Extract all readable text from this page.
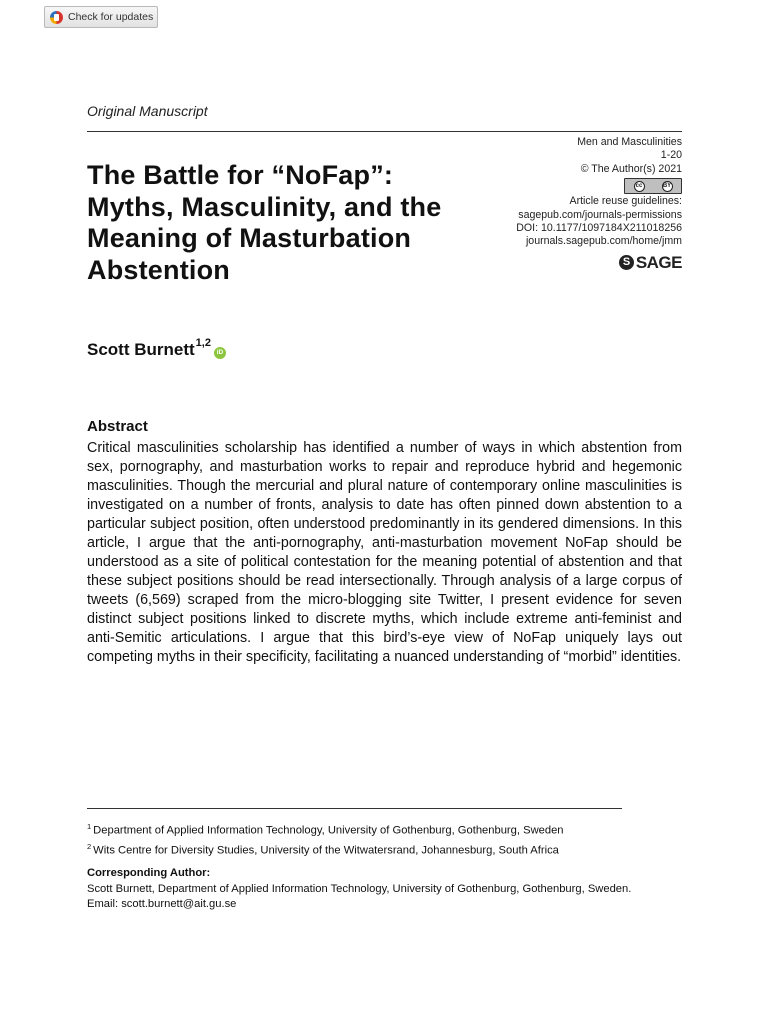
Check for updates
Original Manuscript
The Battle for “NoFap”: Myths, Masculinity, and the Meaning of Masturbation Abstention
Men and Masculinities
1-20
© The Author(s) 2021
cc	BY
Article reuse guidelines:
sagepub.com/journals-permissions
DOI: 10.1177/1097184X211018256
journals.sagepub.com/home/jmm
S SAGE
Scott Burnett$^{1,2}$
iD
Abstract

Critical masculinities scholarship has identified a number of ways in which abstention from sex, pornography, and masturbation works to repair and reproduce hybrid and hegemonic masculinities. Though the mercurial and plural nature of contemporary online masculinities is investigated on a number of fronts, analysis to date has often pinned down abstention to a particular subject position, often understood predominantly in its gendered dimensions. In this article, I argue that the anti-pornography, anti-masturbation movement NoFap should be understood as a site of political contestation for the meaning potential of abstention and that these subject positions should be read intersectionally. Through analysis of a large corpus of tweets (6,569) scraped from the micro-blogging site Twitter, I present evidence for seven distinct subject positions linked to discrete myths, which include extreme anti-feminist and anti-Semitic articulations. I argue that this bird’s-eye view of NoFap uniquely lays out competing myths in their specificity, facilitating a nuanced understanding of “morbid” identities.

$^1$ Department of Applied Information Technology, University of Gothenburg, Gothenburg, Sweden
$^2$ Wits Centre for Diversity Studies, University of the Witwatersrand, Johannesburg, South Africa
Corresponding Author:
Scott Burnett, Department of Applied Information Technology, University of Gothenburg, Gothenburg, Sweden.
Email: scott.burnett@ait.gu.se
